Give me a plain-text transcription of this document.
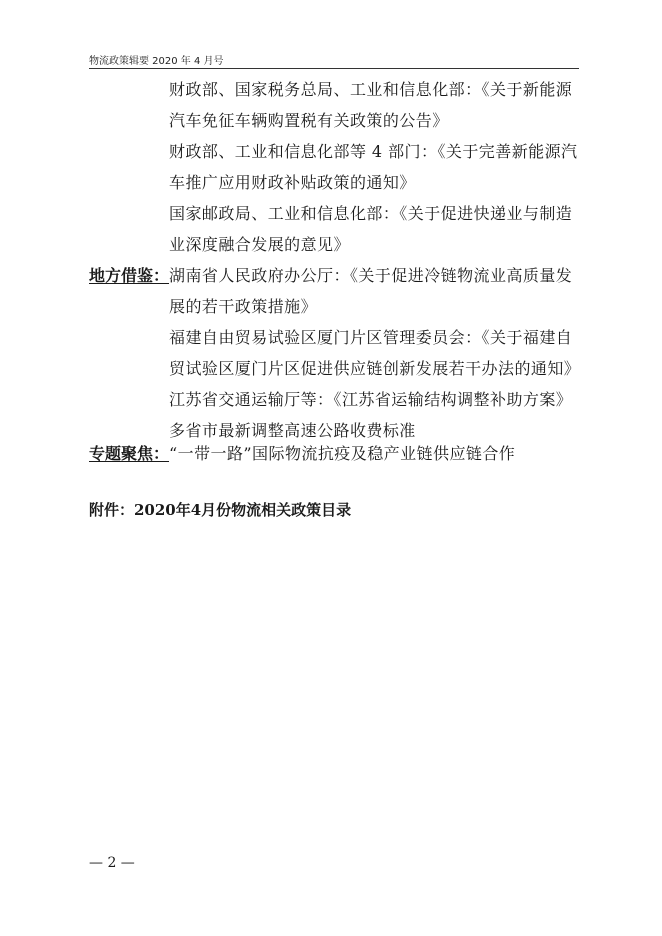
物流政策辑要 2020 年 4 月号
财政部、国家税务总局、工业和信息化部：《关于新能源
汽车免征车辆购置税有关政策的公告》
财政部、工业和信息化部等 4 部门：《关于完善新能源汽
车推广应用财政补贴政策的通知》
国家邮政局、工业和信息化部：《关于促进快递业与制造
业深度融合发展的意见》
地方借鉴： 湖南省人民政府办公厅：《关于促进冷链物流业高质量发
展的若干政策措施》
福建自由贸易试验区厦门片区管理委员会：《关于福建自
贸试验区厦门片区促进供应链创新发展若干办法的通知》
江苏省交通运输厅等：《江苏省运输结构调整补助方案》
多省市最新调整高速公路收费标准
专题聚焦： “一带一路”国际物流抗疫及稳产业链供应链合作
附件：2020年4月份物流相关政策目录
— 2 —
